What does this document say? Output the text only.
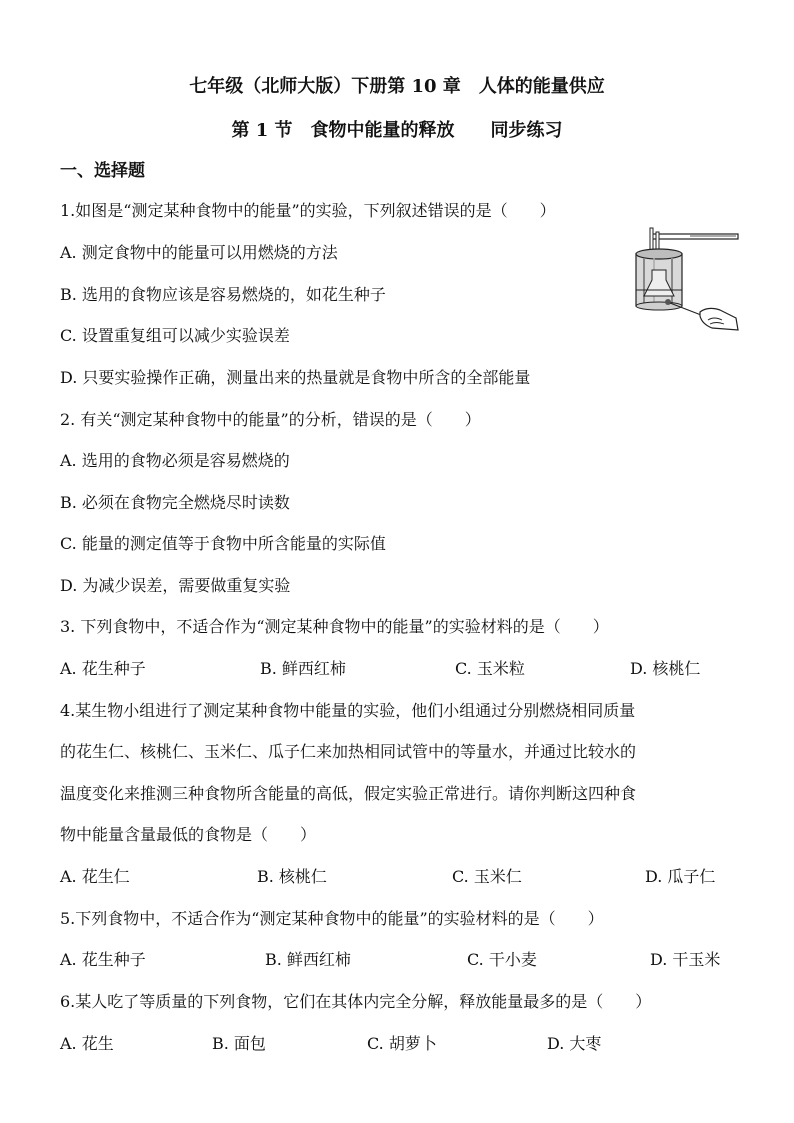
七年级（北师大版）下册第 10 章　人体的能量供应
第 1 节　食物中能量的释放　　同步练习
一、选择题
1.如图是“测定某种食物中的能量”的实验，下列叙述错误的是（　　）
A. 测定食物中的能量可以用燃烧的方法
B. 选用的食物应该是容易燃烧的，如花生种子
C. 设置重复组可以减少实验误差
D. 只要实验操作正确，测量出来的热量就是食物中所含的全部能量
2. 有关“测定某种食物中的能量”的分析，错误的是（　　）
A. 选用的食物必须是容易燃烧的
B. 必须在食物完全燃烧尽时读数
C. 能量的测定值等于食物中所含能量的实际值
D. 为减少误差，需要做重复实验
3. 下列食物中，不适合作为“测定某种食物中的能量”的实验材料的是（　　）
A. 花生种子	B. 鲜西红柿	C. 玉米粒	D. 核桃仁
4.某生物小组进行了测定某种食物中能量的实验，他们小组通过分别燃烧相同质量
的花生仁、核桃仁、玉米仁、瓜子仁来加热相同试管中的等量水，并通过比较水的
温度变化来推测三种食物所含能量的高低，假定实验正常进行。请你判断这四种食
物中能量含量最低的食物是（　　）
A. 花生仁	B. 核桃仁	C. 玉米仁	D. 瓜子仁
5.下列食物中，不适合作为“测定某种食物中的能量”的实验材料的是（　　）
A. 花生种子	B. 鲜西红柿	C. 干小麦	D. 干玉米
6.某人吃了等质量的下列食物，它们在其体内完全分解，释放能量最多的是（　　）
A. 花生	B. 面包	C. 胡萝卜	D. 大枣
